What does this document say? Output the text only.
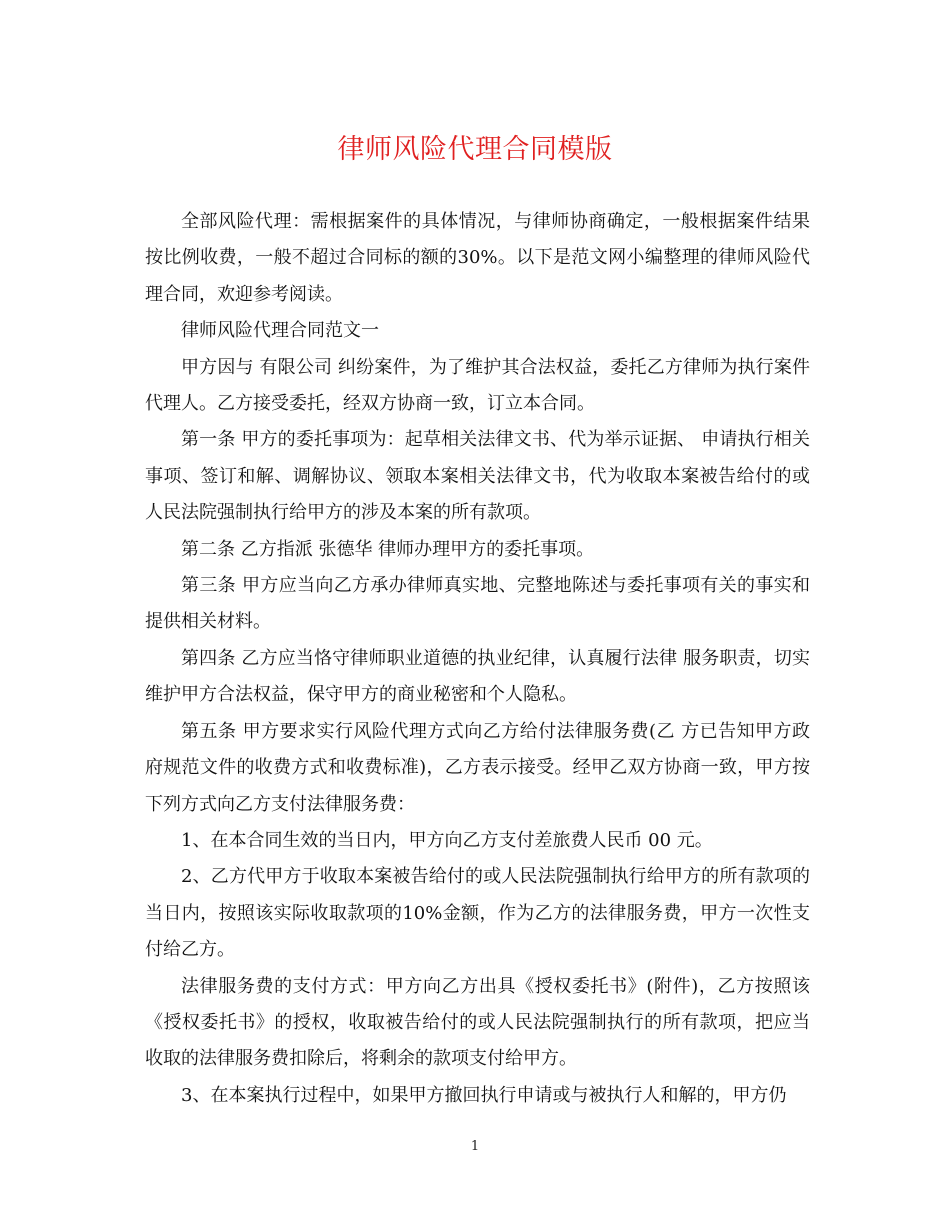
律师风险代理合同模版

全部风险代理：需根据案件的具体情况，与律师协商确定，一般根据案件结果按比例收费，一般不超过合同标的额的30%。以下是范文网小编整理的律师风险代理合同，欢迎参考阅读。

律师风险代理合同范文一

甲方因与 有限公司 纠纷案件，为了维护其合法权益，委托乙方律师为执行案件代理人。乙方接受委托，经双方协商一致，订立本合同。

第一条 甲方的委托事项为：起草相关法律文书、代为举示证据、 申请执行相关事项、签订和解、调解协议、领取本案相关法律文书，代为收取本案被告给付的或人民法院强制执行给甲方的涉及本案的所有款项。

第二条 乙方指派 张德华 律师办理甲方的委托事项。

第三条 甲方应当向乙方承办律师真实地、完整地陈述与委托事项有关的事实和提供相关材料。

第四条 乙方应当恪守律师职业道德的执业纪律，认真履行法律 服务职责，切实维护甲方合法权益，保守甲方的商业秘密和个人隐私。

第五条 甲方要求实行风险代理方式向乙方给付法律服务费(乙 方已告知甲方政府规范文件的收费方式和收费标准)，乙方表示接受。经甲乙双方协商一致，甲方按下列方式向乙方支付法律服务费：

1、在本合同生效的当日内，甲方向乙方支付差旅费人民币 00 元。

2、乙方代甲方于收取本案被告给付的或人民法院强制执行给甲方的所有款项的当日内，按照该实际收取款项的10%金额，作为乙方的法律服务费，甲方一次性支付给乙方。

法律服务费的支付方式：甲方向乙方出具《授权委托书》(附件)，乙方按照该《授权委托书》的授权，收取被告给付的或人民法院强制执行的所有款项，把应当收取的法律服务费扣除后，将剩余的款项支付给甲方。

3、在本案执行过程中，如果甲方撤回执行申请或与被执行人和解的，甲方仍

1
